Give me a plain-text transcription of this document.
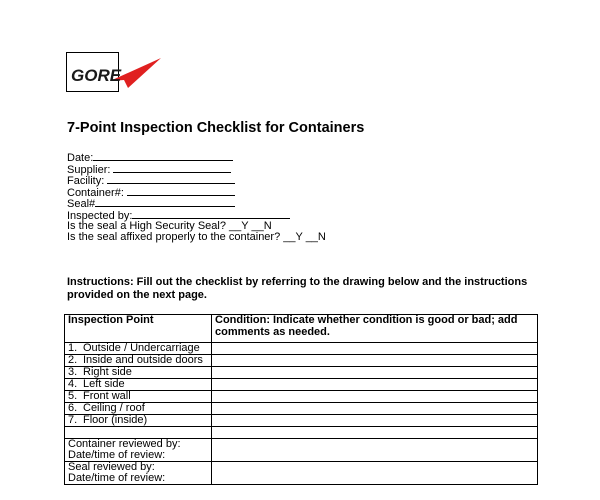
GORE
7-Point Inspection Checklist for Containers
Date:
Supplier:
Facility:
Container#:
Seal#
Inspected by:
Is the seal a High Security Seal? __Y __N
Is the seal affixed properly to the container? __Y __N
Instructions: Fill out the checklist by referring to the drawing below and the instructions provided on the next page.
Inspection Point	Condition: Indicate whether condition is good or bad; add comments as needed.
1. Outside / Undercarriage	
2. Inside and outside doors	
3. Right side	
4. Left side	
5. Front wall	
6. Ceiling / roof	
7. Floor (inside)	

Container reviewed by:
Date/time of review:	

Seal reviewed by:
Date/time of review:	
